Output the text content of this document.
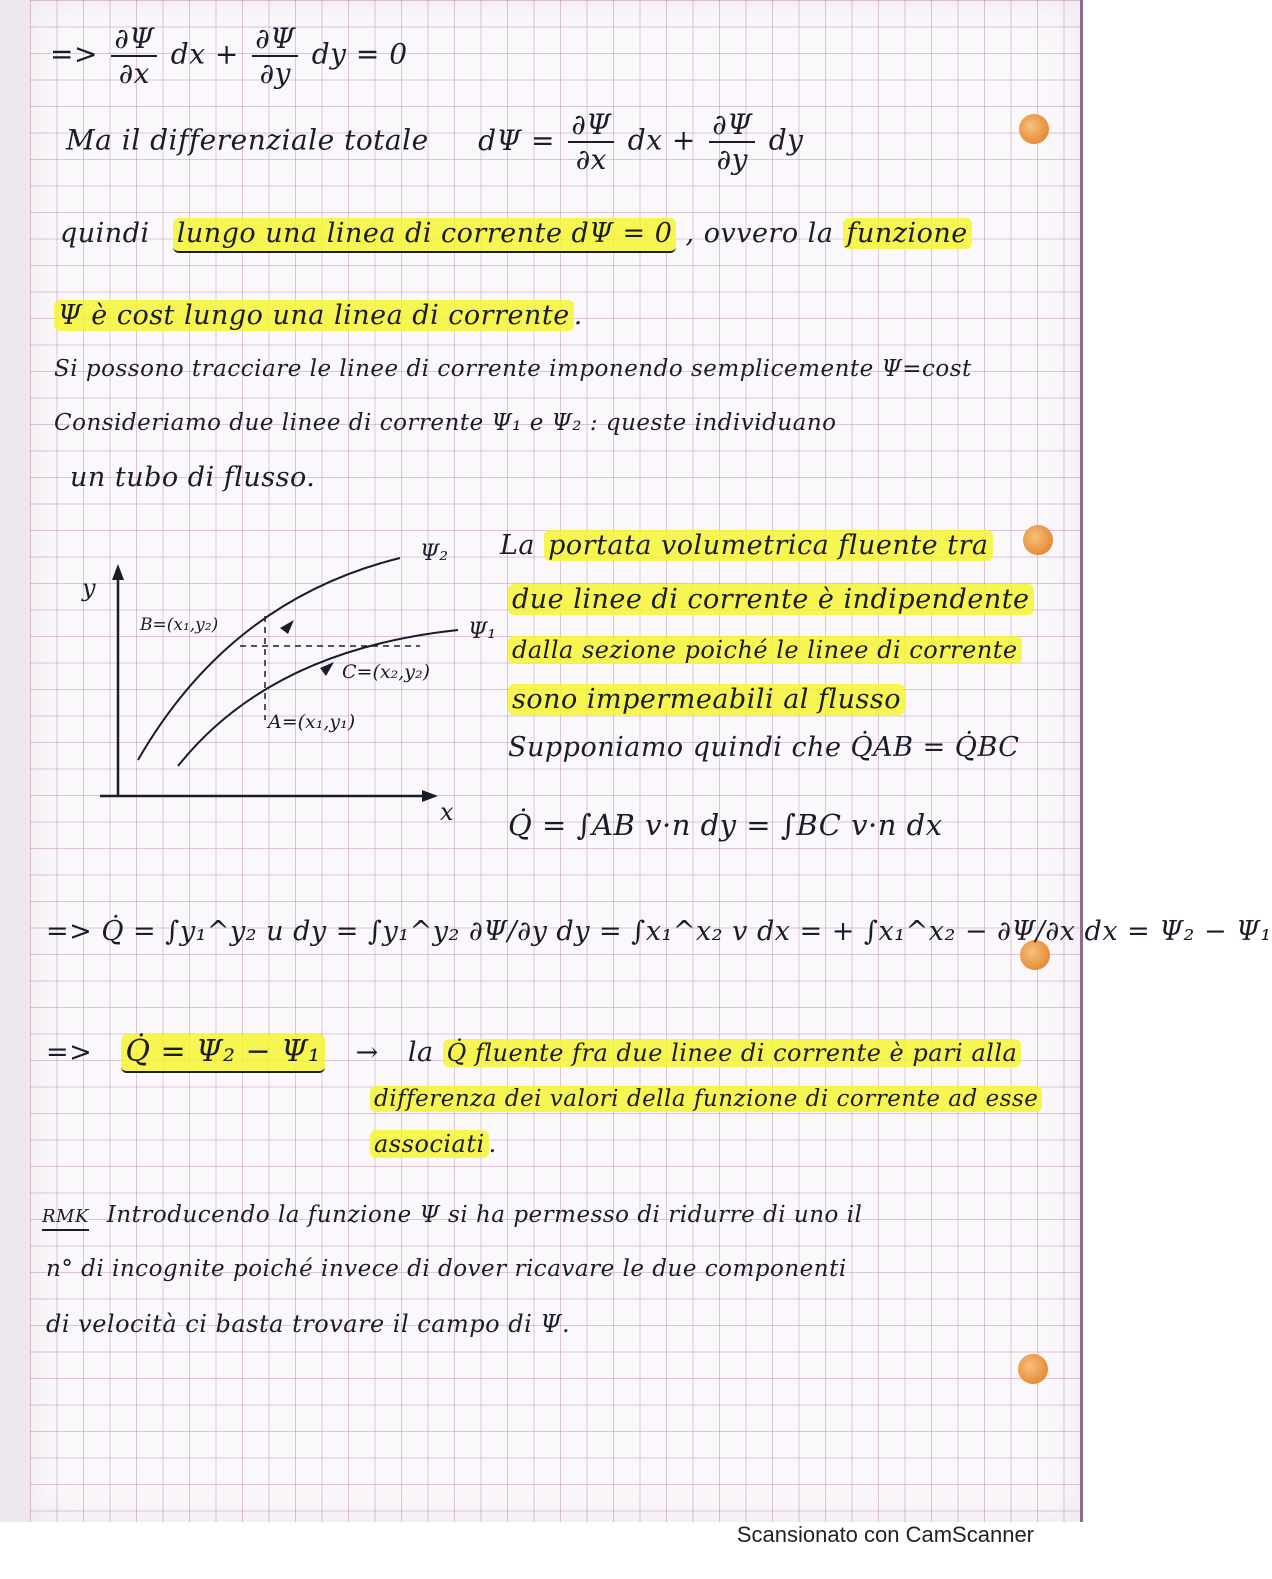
=> $\frac{\partial\Psi}{\partial x}$ dx + $\frac{\partial\Psi}{\partial y}$ dy = 0
Ma il differenziale totale $d\Psi = \frac{\partial\Psi}{\partial x}$ dx + $\frac{\partial\Psi}{\partial y}$ dy
quindi lungo una linea di corrente dΨ = 0 , ovvero la funzione
Ψ è cost lungo una linea di corrente .
Si possono tracciare le linee di corrente imponendo semplicemente Ψ=cost
Consideriamo due linee di corrente Ψ₁ e Ψ₂ : queste individuano
un tubo di flusso.
y
x
Ψ₂
Ψ₁
B=(x₁,y₂)
C=(x₂,y₂)
A=(x₁,y₁)
La portata volumetrica fluente tra
due linee di corrente è indipendente
dalla sezione poiché le linee di corrente
sono impermeabili al flusso
Supponiamo quindi che Q̇AB = Q̇BC
Q̇ = ∫AB v·n dy = ∫BC v·n dx
=> Q̇ = ∫y₁^y₂ u dy = ∫y₁^y₂ ∂Ψ/∂y dy = ∫x₁^x₂ v dx = + ∫x₁^x₂ − ∂Ψ/∂x dx = Ψ₂ − Ψ₁
=> Q̇ = Ψ₂ − Ψ₁ → la Q̇ fluente fra due linee di corrente è pari alla
differenza dei valori della funzione di corrente ad esse
associati .
RMK Introducendo la funzione Ψ si ha permesso di ridurre di uno il
n° di incognite poiché invece di dover ricavare le due componenti
di velocità ci basta trovare il campo di Ψ.
Scansionato con CamScanner
